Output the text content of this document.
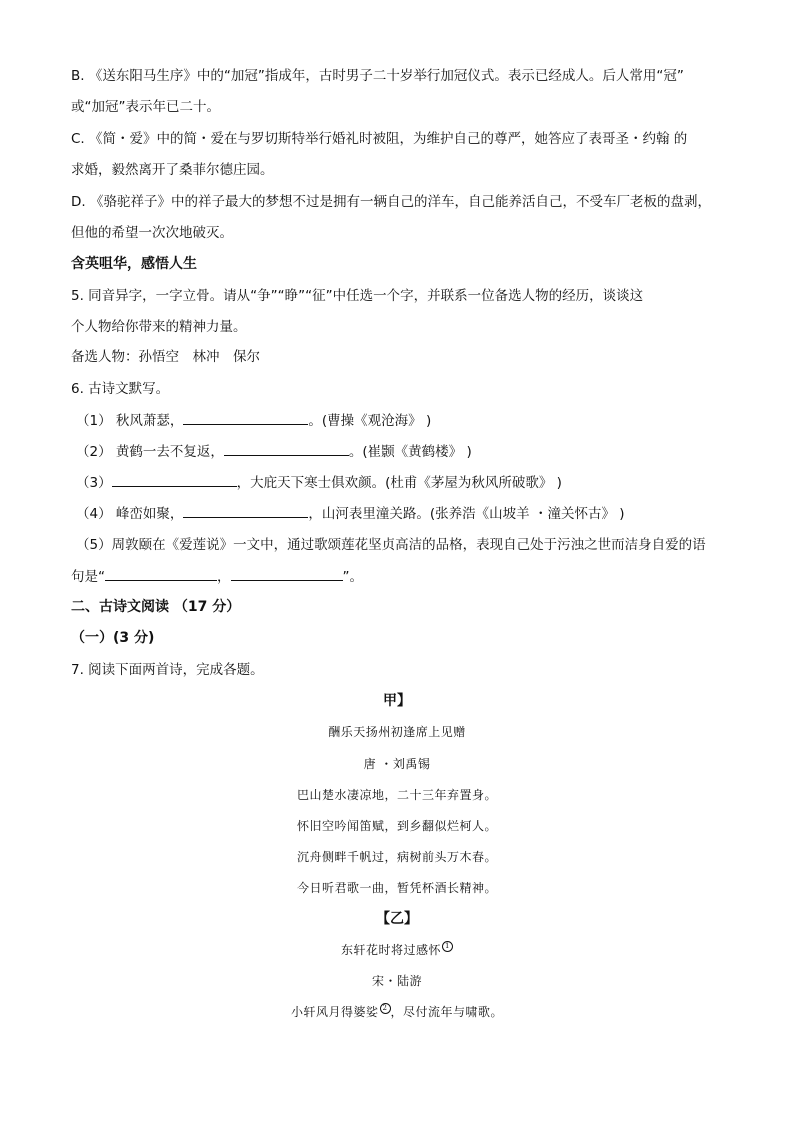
B. 《送东阳马生序》中的“加冠”指成年，古时男子二十岁举行加冠仪式。表示已经成人。后人常用“冠”
或“加冠”表示年已二十。
C. 《简・爱》中的简・爱在与罗切斯特举行婚礼时被阻，为维护自己的尊严，她答应了表哥圣・约翰 的
求婚，毅然离开了桑菲尔德庄园。
D. 《骆驼祥子》中的祥子最大的梦想不过是拥有一辆自己的洋车，自己能养活自己，不受车厂老板的盘剥，
但他的希望一次次地破灭。
含英咀华，感悟人生
5. 同音异字，一字立骨。请从“争”“睁”“征”中任选一个字，并联系一位备选人物的经历，谈谈这
个人物给你带来的精神力量。
备选人物：孙悟空　林冲　保尔
6. 古诗文默写。
（1） 秋风萧瑟，	。(曹操《观沧海》 )
（2） 黄鹤一去不复返，	。(崔颢《黄鹤楼》 )
（3）	，大庇天下寒士俱欢颜。(杜甫《茅屋为秋风所破歌》 )
（4） 峰峦如聚，	，山河表里潼关路。(张养浩《山坡羊 ・潼关怀古》 )
（5）周敦颐在《爱莲说》一文中，通过歌颂莲花坚贞高洁的品格，表现自己处于污浊之世而洁身自爱的语
句是“	，	”。
二、古诗文阅读 （17 分）
（一）(3 分)
7. 阅读下面两首诗，完成各题。
甲】
酬乐天扬州初逢席上见赠
唐 ・刘禹锡
巴山楚水凄凉地，二十三年弃置身。
怀旧空吟闻笛赋，到乡翻似烂柯人。
沉舟侧畔千帆过，病树前头万木春。
今日听君歌一曲，暂凭杯酒长精神。
【乙】
东轩花时将过感怀 1
宋・陆游
小轩风月得婆娑 2 ，尽付流年与啸歌。
